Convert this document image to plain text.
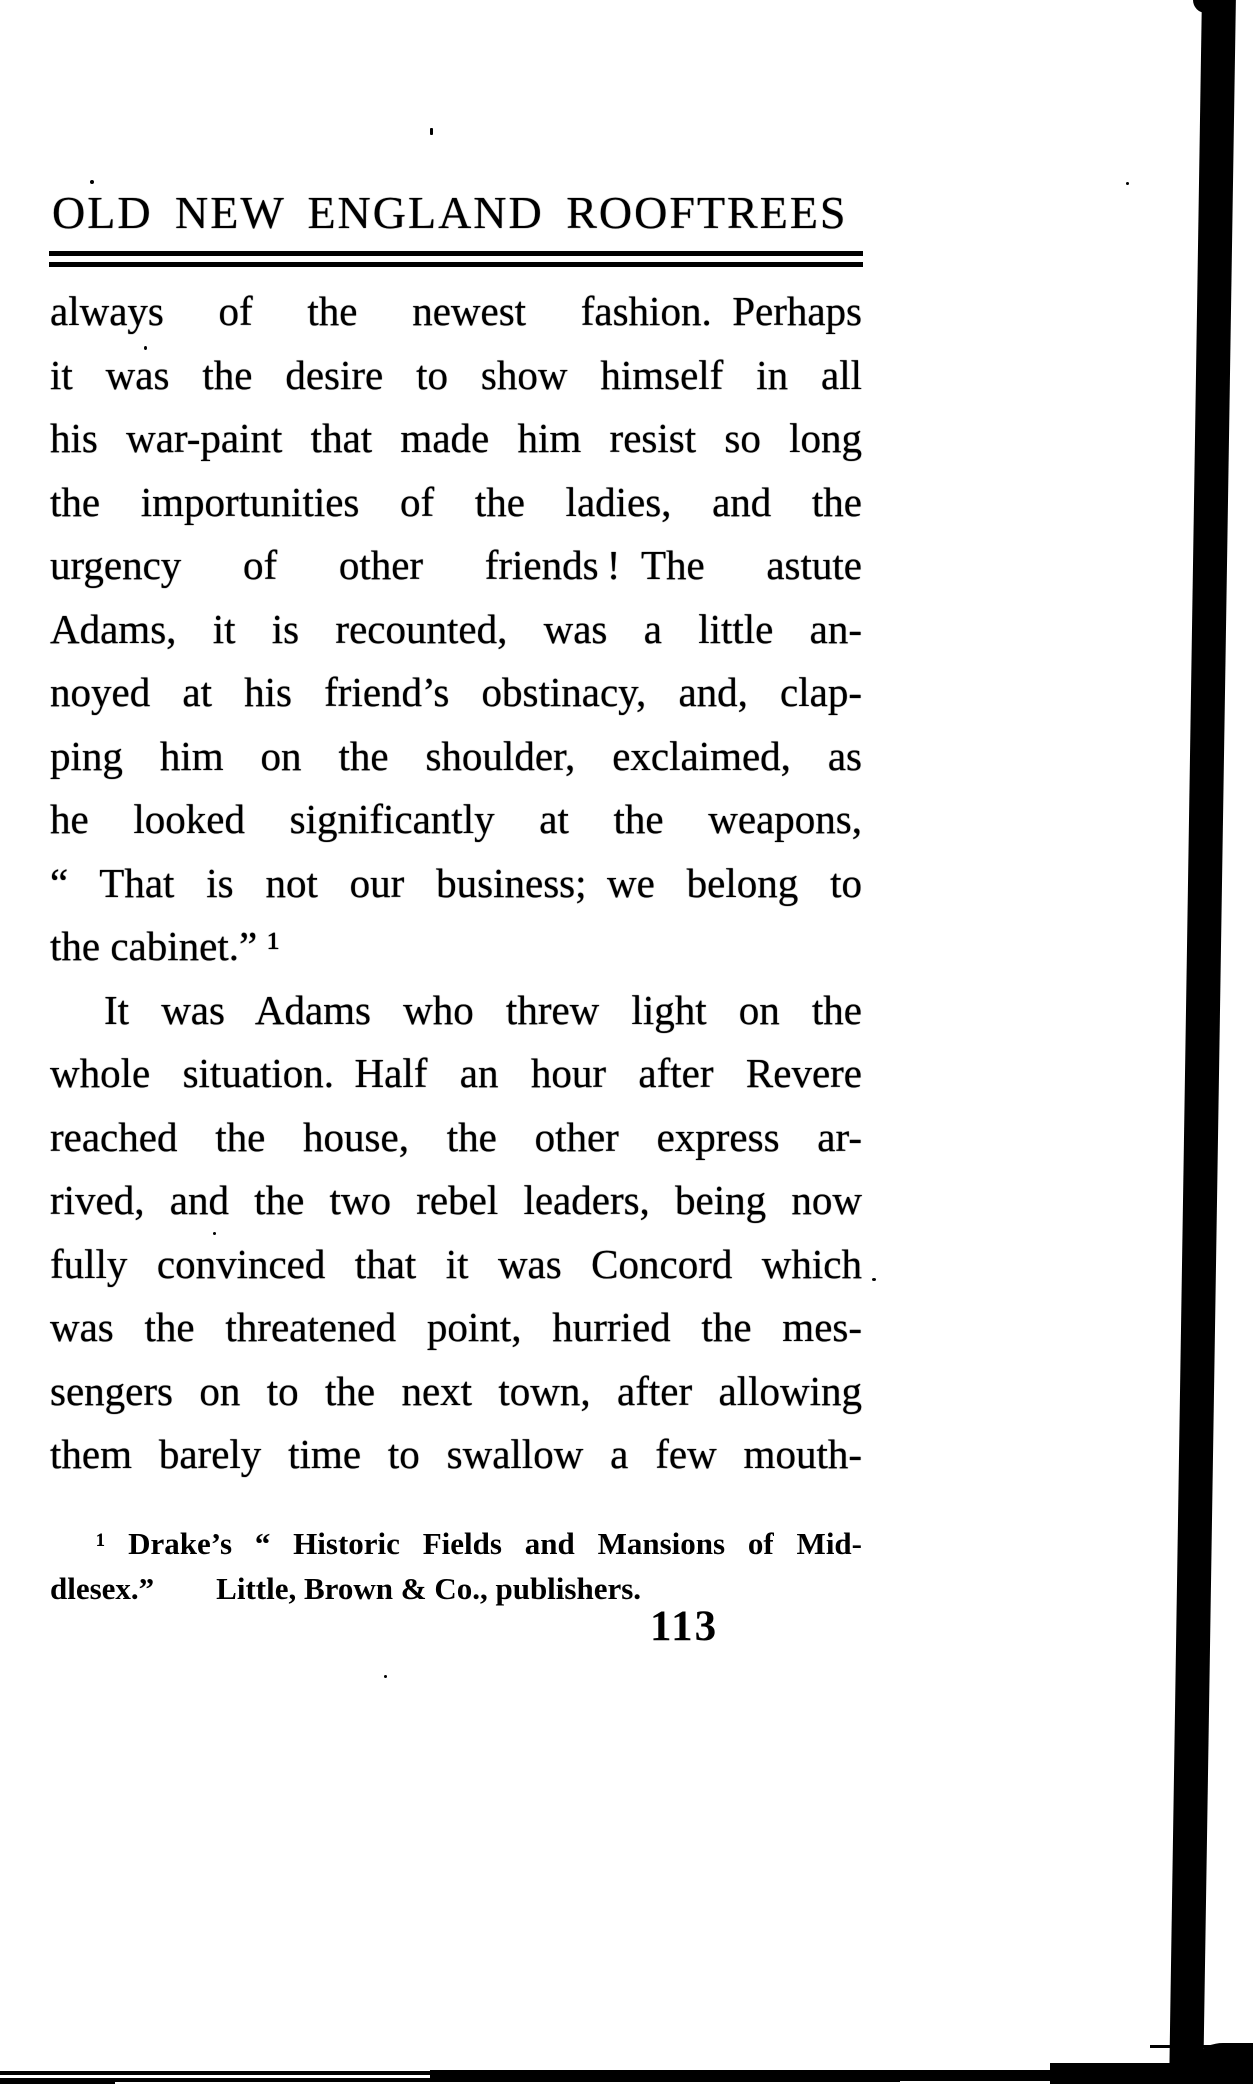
OLD NEW ENGLAND ROOFTREES
always of the newest fashion. Perhaps
it was the desire to show himself in all
his war-paint that made him resist so long
the importunities of the ladies, and the
urgency of other friends ! The astute
Adams, it is recounted, was a little an-
noyed at his friend’s obstinacy, and, clap-
ping him on the shoulder, exclaimed, as
he looked significantly at the weapons,
“ That is not our business; we belong to
the cabinet.” ¹
It was Adams who threw light on the
whole situation. Half an hour after Revere
reached the house, the other express ar-
rived, and the two rebel leaders, being now
fully convinced that it was Concord which
was the threatened point, hurried the mes-
sengers on to the next town, after allowing
them barely time to swallow a few mouth-
¹ Drake’s “ Historic Fields and Mansions of Mid-
dlesex.”  Little, Brown & Co., publishers.
113
